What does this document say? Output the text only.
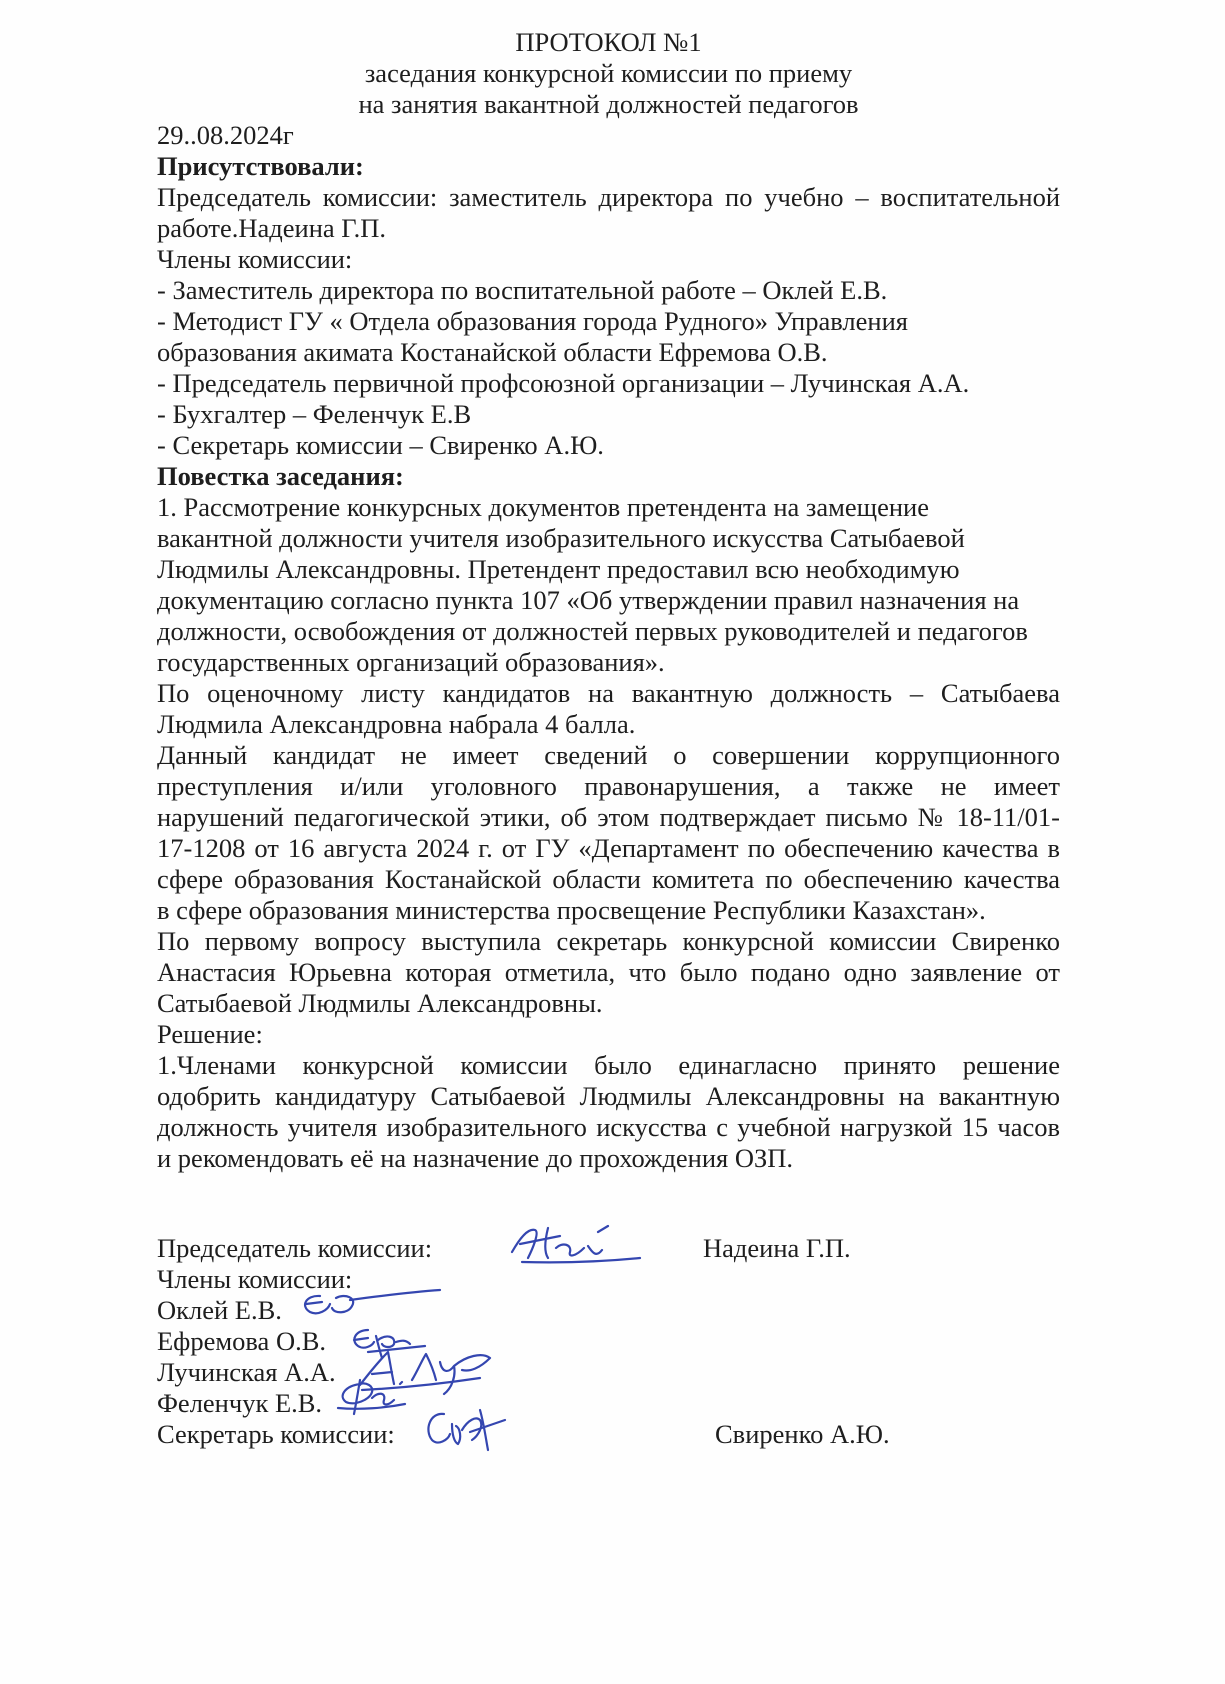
ПРОТОКОЛ №1
заседания конкурсной комиссии по приему
на занятия вакантной должностей педагогов
29..08.2024г
Присутствовали:
Председатель комиссии: заместитель директора по учебно – воспитательной
работе.Надеина Г.П.
Члены комиссии:
- Заместитель директора по воспитательной работе – Оклей Е.В.
- Методист ГУ « Отдела образования города Рудного» Управления
образования акимата Костанайской области Ефремова О.В.
- Председатель первичной профсоюзной организации – Лучинская А.А.
- Бухгалтер – Феленчук Е.В
- Секретарь комиссии – Свиренко А.Ю.
Повестка заседания:
1. Рассмотрение конкурсных документов претендента на замещение
вакантной должности учителя изобразительного искусства Сатыбаевой
Людмилы Александровны. Претендент предоставил всю необходимую
документацию согласно пункта 107 «Об утверждении правил назначения на
должности, освобождения от должностей первых руководителей и педагогов
государственных организаций образования».
По оценочному листу кандидатов на вакантную должность – Сатыбаева
Людмила Александровна набрала 4 балла.
Данный кандидат не имеет сведений о совершении коррупционного
преступления и/или уголовного правонарушения, а также не имеет
нарушений педагогической этики, об этом подтверждает письмо № 18-11/01-
17-1208 от 16 августа 2024 г. от ГУ «Департамент по обеспечению качества в
сфере образования Костанайской области комитета по обеспечению качества
в сфере образования министерства просвещение Республики Казахстан».
По первому вопросу выступила секретарь конкурсной комиссии Свиренко
Анастасия Юрьевна которая отметила, что было подано одно заявление от
Сатыбаевой Людмилы Александровны.
Решение:
1.Членами конкурсной комиссии было единагласно принято решение
одобрить кандидатуру Сатыбаевой Людмилы Александровны на вакантную
должность учителя изобразительного искусства с учебной нагрузкой 15 часов
и рекомендовать её на назначение до прохождения ОЗП.
Председатель комиссии:	Надеина Г.П.
Члены комиссии:
Оклей Е.В.
Ефремова О.В.
Лучинская А.А.
Феленчук Е.В.
Секретарь комиссии:	Свиренко А.Ю.
